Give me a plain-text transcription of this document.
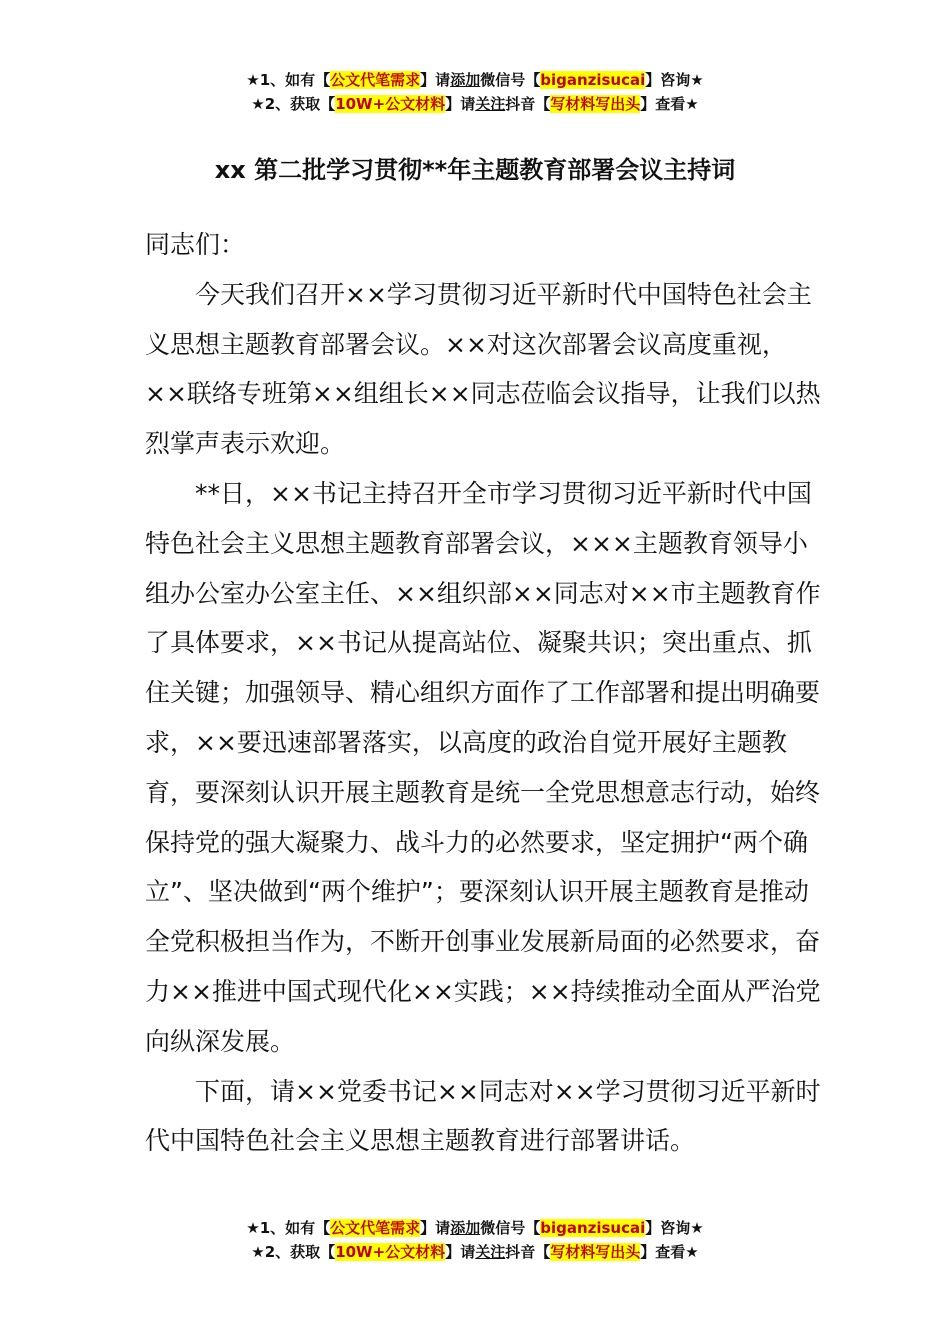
★1、如有【公文代笔需求】请添加微信号【biganzisucai】咨询★
★2、获取【10W+公文材料】请关注抖音【写材料写出头】查看★
xx 第二批学习贯彻**年主题教育部署会议主持词

同志们：

今天我们召开××学习贯彻习近平新时代中国特色社会主义思想主题教育部署会议。××对这次部署会议高度重视，××联络专班第××组组长××同志莅临会议指导，让我们以热烈掌声表示欢迎。

**日，××书记主持召开全市学习贯彻习近平新时代中国特色社会主义思想主题教育部署会议，×××主题教育领导小组办公室办公室主任、××组织部××同志对××市主题教育作了具体要求，××书记从提高站位、凝聚共识；突出重点、抓住关键；加强领导、精心组织方面作了工作部署和提出明确要求，××要迅速部署落实，以高度的政治自觉开展好主题教育，要深刻认识开展主题教育是统一全党思想意志行动，始终保持党的强大凝聚力、战斗力的必然要求，坚定拥护“两个确立”、坚决做到“两个维护”；要深刻认识开展主题教育是推动全党积极担当作为，不断开创事业发展新局面的必然要求，奋力××推进中国式现代化××实践；××持续推动全面从严治党向纵深发展。

下面，请××党委书记××同志对××学习贯彻习近平新时代中国特色社会主义思想主题教育进行部署讲话。

★1、如有【公文代笔需求】请添加微信号【biganzisucai】咨询★
★2、获取【10W+公文材料】请关注抖音【写材料写出头】查看★
